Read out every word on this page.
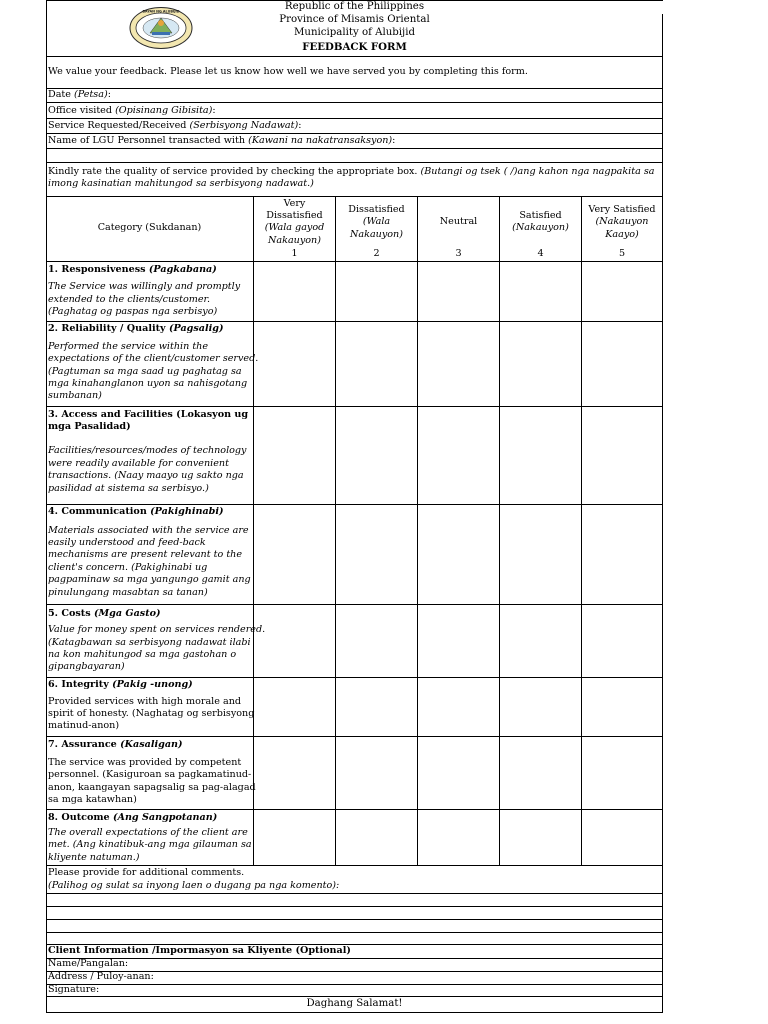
BAYAN NG ALUBIJID	Republic of the Philippines
Province of Misamis Oriental
Municipality of Alubijid
FEEDBACK FORM
We value your feedback. Please let us know how well we have served you by completing this form.
Date (Petsa):
Office visited (Opisinang Gibisita):
Service Requested/Received (Serbisyong Nadawat):
Name of LGU Personnel transacted with (Kawani na nakatransaksyon):
Kindly rate the quality of service provided by checking the appropriate box. (Butangi og tsek ( /)ang kahon nga nagpakita sa
imong kasinatian mahitungod sa serbisyong nadawat.)
Category (Sukdanan)
Very
Dissatisfied
(Wala gayod
Nakauyon)
1
Dissatisfied
(Wala
Nakauyon)
2
Neutral
3
Satisfied
(Nakauyon)
4
Very Satisfied
(Nakauyon
Kaayo)
5
1. Responsiveness (Pagkabana)
The Service was willingly and promptly
extended to the clients/customer.
(Paghatag og paspas nga serbisyo)
2. Reliability / Quality (Pagsalig)
Performed the service within the
expectations of the client/customer served.
(Pagtuman sa mga saad ug paghatag sa
mga kinahanglanon uyon sa nahisgotang
sumbanan)
3. Access and Facilities (Lokasyon ug
mga Pasalidad)
Facilities/resources/modes of technology
were readily available for convenient
transactions. (Naay maayo ug sakto nga
pasilidad at sistema sa serbisyo.)
4. Communication (Pakighinabi)
Materials associated with the service are
easily understood and feed-back
mechanisms are present relevant to the
client's concern. (Pakighinabi ug
pagpaminaw sa mga yangungo gamit ang
pinulungang masabtan sa tanan)
5. Costs (Mga Gasto)
Value for money spent on services rendered.
(Katagbawan sa serbisyong nadawat ilabi
na kon mahitungod sa mga gastohan o
gipangbayaran)
6. Integrity (Pakig -unong)
Provided services with high morale and
spirit of honesty. (Naghatag og serbisyong
matinud-anon)
7. Assurance (Kasaligan)
The service was provided by competent
personnel. (Kasiguroan sa pagkamatinud-
anon, kaangayan sapagsalig sa pag-alagad
sa mga katawhan)
8. Outcome (Ang Sangpotanan)
The overall expectations of the client are
met. (Ang kinatibuk-ang mga gilauman sa
kliyente natuman.)
Please provide for additional comments.
(Palihog og sulat sa inyong laen o dugang pa nga komento):
Client Information /Impormasyon sa Kliyente (Optional)
Name/Pangalan:
Address / Puloy-anan:
Signature:
Daghang Salamat!
